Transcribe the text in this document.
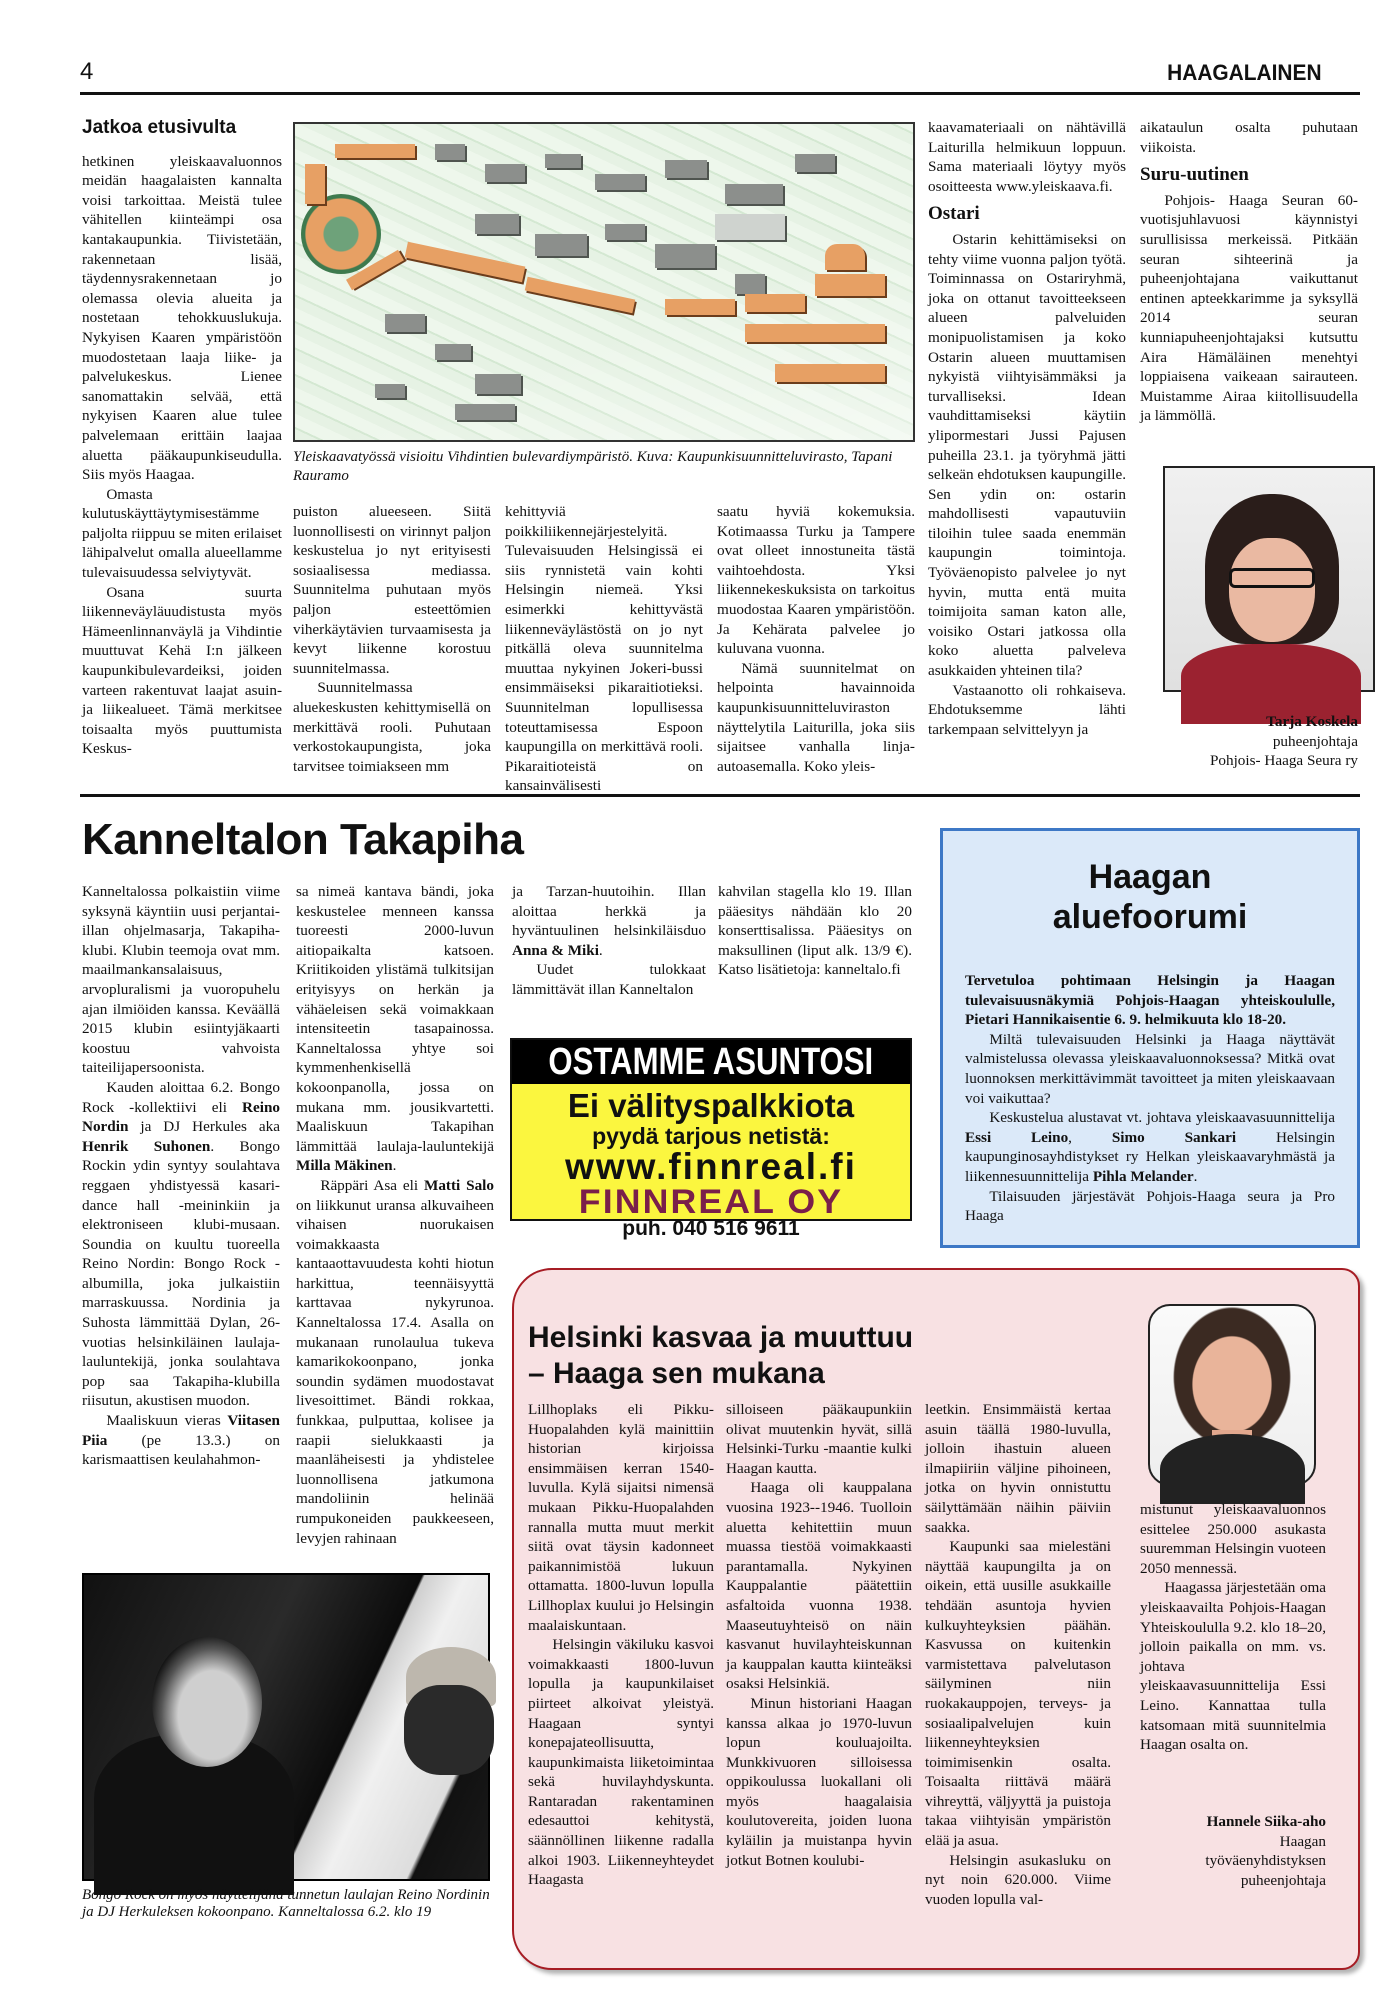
4	HAAGALAINEN
Jatkoa etusivulta

hetkinen yleiskaavaluonnos meidän haagalaisten kannalta voisi tarkoittaa. Meistä tulee vähitellen kiinteämpi osa kantakaupunkia. Tiivistetään, rakennetaan lisää, täydennysrakennetaan jo olemassa olevia alueita ja nostetaan tehokkuuslukuja. Nykyisen Kaaren ympäristöön muodostetaan laaja liike- ja palvelukeskus. Lienee sanomattakin selvää, että nykyisen Kaaren alue tulee palvelemaan erittäin laajaa aluetta pääkaupunkiseudulla. Siis myös Haagaa.

Omasta kulutuskäyttäytymisestämme paljolta riippuu se miten erilaiset lähipalvelut omalla alueellamme tulevaisuudessa selviytyvät.

Osana suurta liikenneväyläuudistusta myös Hämeenlinnanväylä ja Vihdintie muuttuvat Kehä I:n jälkeen kaupunkibulevardeiksi, joiden varteen rakentuvat laajat asuin- ja liikealueet. Tämä merkitsee toisaalta myös puuttumista Keskus-

Yleiskaavatyössä visioitu Vihdintien bulevardiympäristö. Kuva: Kaupunkisuunnitteluvirasto, Tapani Rauramo

puiston alueeseen. Siitä luonnollisesti on virinnyt paljon keskustelua jo nyt erityisesti sosiaalisessa mediassa. Suunnitelma puhutaan myös paljon esteettömien viherkäytävien turvaamisesta ja kevyt liikenne korostuu suunnitelmassa.

Suunnitelmassa aluekeskusten kehittymisellä on merkittävä rooli. Puhutaan verkostokaupungista, joka tarvitsee toimiakseen mm

kehittyviä poikkiliikennejärjestelyitä. Tulevaisuuden Helsingissä ei siis rynnistetä vain kohti Helsingin niemeä. Yksi esimerkki kehittyvästä liikenneväylästöstä on jo nyt pitkällä oleva suunnitelma muuttaa nykyinen Jokeri-bussi ensimmäiseksi pikaraitiotieksi. Suunnitelman lopullisessa toteuttamisessa Espoon kaupungilla on merkittävä rooli. Pikaraitioteistä on kansainvälisesti

saatu hyviä kokemuksia. Kotimaassa Turku ja Tampere ovat olleet innostuneita tästä vaihtoehdosta. Yksi liikennekeskuksista on tarkoitus muodostaa Kaaren ympäristöön. Ja Kehärata palvelee jo kuluvana vuonna.

Nämä suunnitelmat on helpointa havainnoida kaupunkisuunnitteluviraston näyttelytila Laiturilla, joka siis sijaitsee vanhalla linja-autoasemalla. Koko yleis-

kaavamateriaali on nähtävillä Laiturilla helmikuun loppuun. Sama materiaali löytyy myös osoitteesta www.yleiskaava.fi.

Ostari

Ostarin kehittämiseksi on tehty viime vuonna paljon työtä. Toiminnassa on Ostariryhmä, joka on ottanut tavoitteekseen alueen palveluiden monipuolistamisen ja koko Ostarin alueen muuttamisen nykyistä viihtyisämmäksi ja turvalliseksi. Idean vauhdittamiseksi käytiin ylipormestari Jussi Pajusen puheilla 23.1. ja työryhmä jätti selkeän ehdotuksen kaupungille. Sen ydin on: ostarin mahdollisesti vapautuviin tiloihin tulee saada enemmän kaupungin toimintoja. Työväenopisto palvelee jo nyt hyvin, mutta entä muita toimijoita saman katon alle, voisiko Ostari jatkossa olla koko aluetta palveleva asukkaiden yhteinen tila?

Vastaanotto oli rohkaiseva. Ehdotuksemme lähti tarkempaan selvittelyyn ja

aikataulun osalta puhutaan viikoista.

Suru-uutinen

Pohjois- Haaga Seuran 60-vuotisjuhlavuosi käynnistyi surullisissa merkeissä. Pitkään seuran sihteerinä ja puheenjohtajana vaikuttanut entinen apteekkarimme ja syksyllä 2014 seuran kunniapuheenjohtajaksi kutsuttu Aira Hämäläinen menehtyi loppiaisena vaikeaan sairauteen. Muistamme Airaa kiitollisuudella ja lämmöllä.

Tarja Koskela
puheenjohtaja
Pohjois- Haaga Seura ry
Kanneltalon Takapiha

Kanneltalossa polkaistiin viime syksynä käyntiin uusi perjantai-illan ohjelmasarja, Takapiha-klubi. Klubin teemoja ovat mm. maailmankansalaisuus, arvopluralismi ja vuoropuhelu ajan ilmiöiden kanssa. Keväällä 2015 klubin esiintyjäkaarti koostuu vahvoista taiteilijapersoonista.

Kauden aloittaa 6.2. Bongo Rock -kollektiivi eli Reino Nordin ja DJ Herkules aka Henrik Suhonen. Bongo Rockin ydin syntyy soulahtava reggaen yhdistyessä kasari-dance hall -meininkiin ja elektroniseen klubi-musaan. Soundia on kuultu tuoreella Reino Nordin: Bongo Rock -albumilla, joka julkaistiin marraskuussa. Nordinia ja Suhosta lämmittää Dylan, 26-vuotias helsinkiläinen laulaja-lauluntekijä, jonka soulahtava pop saa Takapiha-klubilla riisutun, akustisen muodon.

Maaliskuun vieras Viitasen Piia (pe 13.3.) on karismaattisen keulahahmon-

sa nimeä kantava bändi, joka keskustelee menneen kanssa tuoreesti 2000-luvun aitiopaikalta katsoen. Kriitikoiden ylistämä tulkitsijan erityisyys on herkän ja vähäeleisen sekä voimakkaan intensiteetin tasapainossa. Kanneltalossa yhtye soi kymmenhenkisellä kokoonpanolla, jossa on mukana mm. jousikvartetti. Maaliskuun Takapihan lämmittää laulaja-lauluntekijä Milla Mäkinen.

Räppäri Asa eli Matti Salo on liikkunut uransa alkuvaiheen vihaisen nuorukaisen voimakkaasta kantaaottavuudesta kohti hiotun harkittua, teennäisyyttä karttavaa nykyrunoa. Kanneltalossa 17.4. Asalla on mukanaan runolaulua tukeva kamarikokoonpano, jonka soundin sydämen muodostavat livesoittimet. Bändi rokkaa, funkkaa, pulputtaa, kolisee ja raapii sielukkaasti ja maanläheisesti ja yhdistelee luonnollisena jatkumona mandoliinin helinää rumpukoneiden paukkeeseen, levyjen rahinaan

ja Tarzan-huutoihin. Illan aloittaa herkkä ja hyväntuulinen helsinkiläisduo Anna & Miki.

Uudet tulokkaat lämmittävät illan Kanneltalon

kahvilan stagella klo 19. Illan pääesitys nähdään klo 20 konserttisalissa. Pääesitys on maksullinen (liput alk. 13/9 €). Katso lisätietoja: kanneltalo.fi

OSTAMME ASUNTOSI
Ei välityspalkkiota
pyydä tarjous netistä:
www.finnreal.fi
FINNREAL OY
puh. 040 516 9611
Haagan
aluefoorumi

Tervetuloa pohtimaan Helsingin ja Haagan tulevaisuusnäkymiä Pohjois-Haagan yhteiskoululle, Pietari Hannikaisentie 6. 9. helmikuuta klo 18-20.

Miltä tulevaisuuden Helsinki ja Haaga näyttävät valmistelussa olevassa yleiskaavaluonnoksessa? Mitkä ovat luonnoksen merkittävimmät tavoitteet ja miten yleiskaavaan voi vaikuttaa?

Keskustelua alustavat vt. johtava yleiskaavasuunnittelija Essi Leino, Simo Sankari Helsingin kaupunginosayhdistykset ry Helkan yleiskaavaryhmästä ja liikennesuunnittelija Pihla Melander.

Tilaisuuden järjestävät Pohjois-Haaga seura ja Pro Haaga

Bongo Rock on myös näyttelijänä tunnetun laulajan Reino Nordinin ja DJ Herkuleksen kokoonpano. Kanneltalossa 6.2. klo 19
Helsinki kasvaa ja muuttuu
– Haaga sen mukana

Lillhoplaks eli Pikku-Huopalahden kylä mainittiin historian kirjoissa ensimmäisen kerran 1540-luvulla. Kylä sijaitsi nimensä mukaan Pikku-Huopalahden rannalla mutta muut merkit siitä ovat täysin kadonneet paikannimistöä lukuun ottamatta. 1800-luvun lopulla Lillhoplax kuului jo Helsingin maalaiskuntaan.

Helsingin väkiluku kasvoi voimakkaasti 1800-luvun lopulla ja kaupunkilaiset piirteet alkoivat yleistyä. Haagaan syntyi konepajateollisuutta, kaupunkimaista liiketoimintaa sekä huvilayhdyskunta. Rantaradan rakentaminen edesauttoi kehitystä, säännöllinen liikenne radalla alkoi 1903. Liikenneyhteydet Haagasta

silloiseen pääkaupunkiin olivat muutenkin hyvät, sillä Helsinki-Turku -maantie kulki Haagan kautta.

Haaga oli kauppalana vuosina 1923--1946. Tuolloin aluetta kehitettiin muun muassa tiestöä voimakkaasti parantamalla. Nykyinen Kauppalantie päätettiin asfaltoida vuonna 1938. Maaseutuyhteisö on näin kasvanut huvilayhteiskunnan ja kauppalan kautta kiinteäksi osaksi Helsinkiä.

Minun historiani Haagan kanssa alkaa jo 1970-luvun lopun kouluajoilta. Munkkivuoren silloisessa oppikoulussa luokallani oli myös haagalaisia koulutovereita, joiden luona kyläilin ja muistanpa hyvin jotkut Botnen koulubi-

leetkin. Ensimmäistä kertaa asuin täällä 1980-luvulla, jolloin ihastuin alueen ilmapiiriin väljine pihoineen, jotka on hyvin onnistuttu säilyttämään näihin päiviin saakka.

Kaupunki saa mielestäni näyttää kaupungilta ja on oikein, että uusille asukkaille tehdään asuntoja hyvien kulkuyhteyksien päähän. Kasvussa on kuitenkin varmistettava palvelutason säilyminen niin ruokakauppojen, terveys- ja sosiaalipalvelujen kuin liikenneyhteyksien toimimisenkin osalta. Toisaalta riittävä määrä vihreyttä, väljyyttä ja puistoja takaa viihtyisän ympäristön elää ja asua.

Helsingin asukasluku on nyt noin 620.000. Viime vuoden lopulla val-

mistunut yleiskaavaluonnos esittelee 250.000 asukasta suuremman Helsingin vuoteen 2050 mennessä.

Haagassa järjestetään oma yleiskaavailta Pohjois-Haagan Yhteiskoululla 9.2. klo 18–20, jolloin paikalla on mm. vs. johtava yleiskaavasuunnittelija Essi Leino. Kannattaa tulla katsomaan mitä suunnitelmia Haagan osalta on.

Hannele Siika-aho
Haagan
työväenyhdistyksen
puheenjohtaja
